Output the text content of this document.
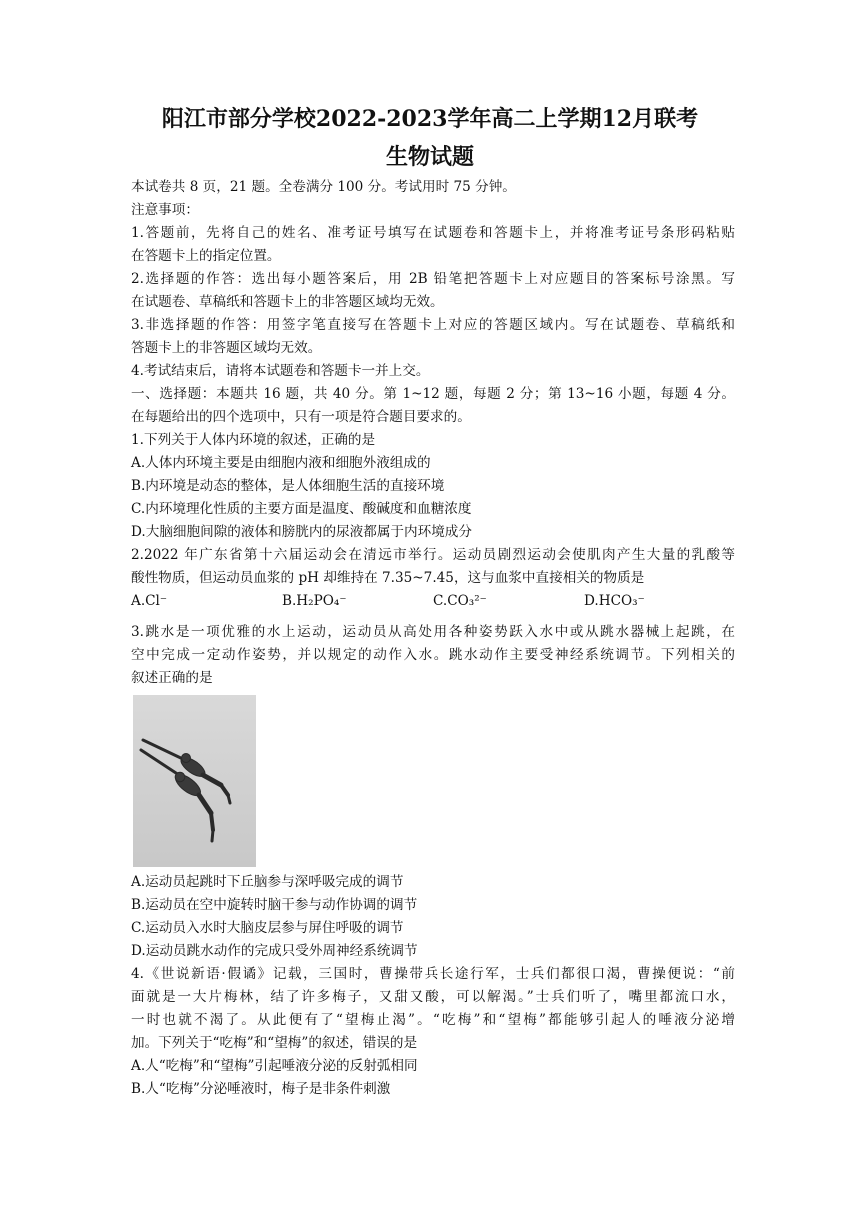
阳江市部分学校2022-2023学年高二上学期12月联考
生物试题
本试卷共 8 页，21 题。全卷满分 100 分。考试用时 75 分钟。
注意事项：
1.答题前，先将自己的姓名、准考证号填写在试题卷和答题卡上，并将准考证号条形码粘贴
在答题卡上的指定位置。
2.选择题的作答：选出每小题答案后，用 2B 铅笔把答题卡上对应题目的答案标号涂黑。写
在试题卷、草稿纸和答题卡上的非答题区域均无效。
3.非选择题的作答：用签字笔直接写在答题卡上对应的答题区域内。写在试题卷、草稿纸和
答题卡上的非答题区域均无效。
4.考试结束后，请将本试题卷和答题卡一并上交。
一、选择题：本题共 16 题，共 40 分。第 1~12 题，每题 2 分；第 13~16 小题，每题 4 分。
在每题给出的四个选项中，只有一项是符合题目要求的。
1.下列关于人体内环境的叙述，正确的是
A.人体内环境主要是由细胞内液和细胞外液组成的
B.内环境是动态的整体，是人体细胞生活的直接环境
C.内环境理化性质的主要方面是温度、酸碱度和血糖浓度
D.大脑细胞间隙的液体和膀胱内的尿液都属于内环境成分
2.2022 年广东省第十六届运动会在清远市举行。运动员剧烈运动会使肌肉产生大量的乳酸等
酸性物质，但运动员血浆的 pH 却维持在 7.35~7.45，这与血浆中直接相关的物质是
A.Cl⁻	B.H₂PO₄⁻	C.CO₃²⁻	D.HCO₃⁻
3.跳水是一项优雅的水上运动，运动员从高处用各种姿势跃入水中或从跳水器械上起跳，在
空中完成一定动作姿势，并以规定的动作入水。跳水动作主要受神经系统调节。下列相关的
叙述正确的是
A.运动员起跳时下丘脑参与深呼吸完成的调节
B.运动员在空中旋转时脑干参与动作协调的调节
C.运动员入水时大脑皮层参与屏住呼吸的调节
D.运动员跳水动作的完成只受外周神经系统调节
4.《世说新语·假谲》记载，三国时，曹操带兵长途行军，士兵们都很口渴，曹操便说：“前
面就是一大片梅林，结了许多梅子，又甜又酸，可以解渴。”士兵们听了，嘴里都流口水，
一时也就不渴了。从此便有了“望梅止渴”。“吃梅”和“望梅”都能够引起人的唾液分泌增
加。下列关于“吃梅”和“望梅”的叙述，错误的是
A.人“吃梅”和“望梅”引起唾液分泌的反射弧相同
B.人“吃梅”分泌唾液时，梅子是非条件刺激
